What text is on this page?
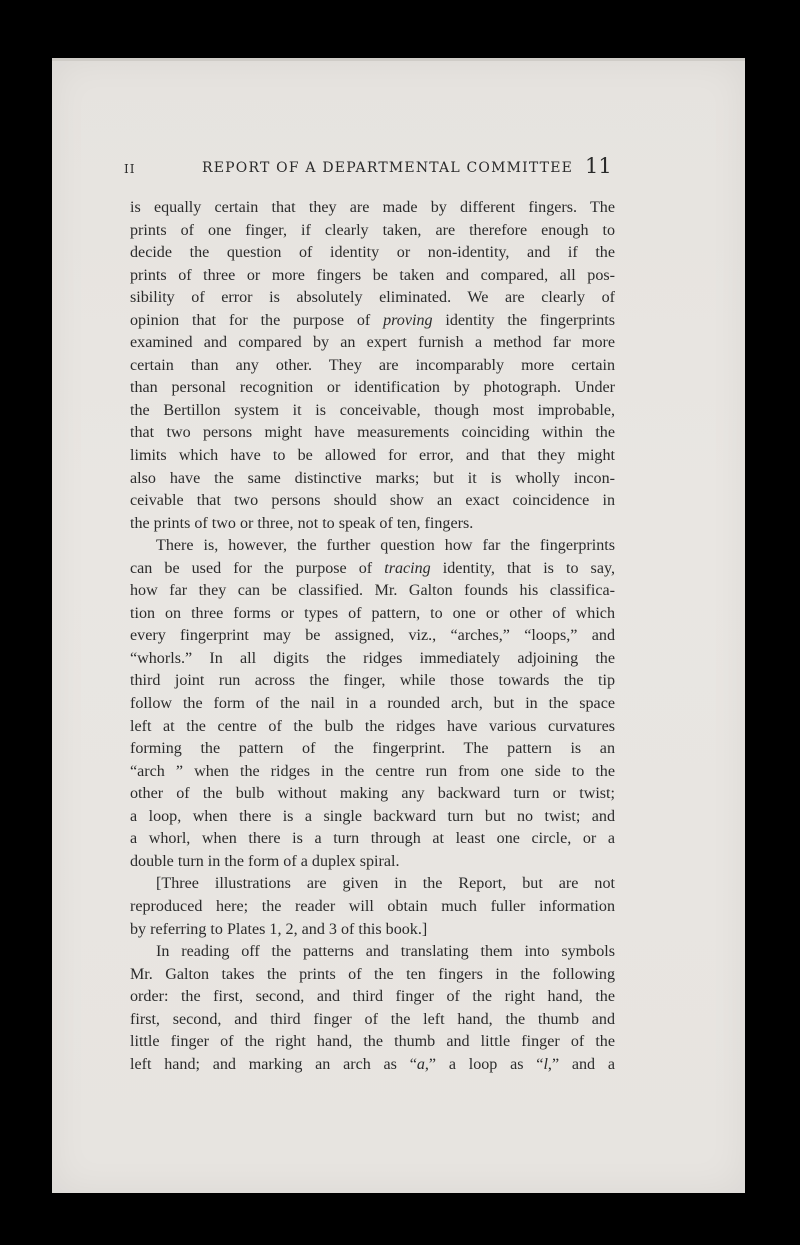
II	REPORT OF A DEPARTMENTAL COMMITTEE 11
is equally certain that they are made by different fingers. The
prints of one finger, if clearly taken, are therefore enough to
decide the question of identity or non-identity, and if the
prints of three or more fingers be taken and compared, all pos-
sibility of error is absolutely eliminated. We are clearly of
opinion that for the purpose of proving identity the fingerprints
examined and compared by an expert furnish a method far more
certain than any other. They are incomparably more certain
than personal recognition or identification by photograph. Under
the Bertillon system it is conceivable, though most improbable,
that two persons might have measurements coinciding within the
limits which have to be allowed for error, and that they might
also have the same distinctive marks; but it is wholly incon-
ceivable that two persons should show an exact coincidence in
the prints of two or three, not to speak of ten, fingers.
There is, however, the further question how far the fingerprints
can be used for the purpose of tracing identity, that is to say,
how far they can be classified. Mr. Galton founds his classifica-
tion on three forms or types of pattern, to one or other of which
every fingerprint may be assigned, viz., “arches,” “loops,” and
“whorls.” In all digits the ridges immediately adjoining the
third joint run across the finger, while those towards the tip
follow the form of the nail in a rounded arch, but in the space
left at the centre of the bulb the ridges have various curvatures
forming the pattern of the fingerprint. The pattern is an
“arch ” when the ridges in the centre run from one side to the
other of the bulb without making any backward turn or twist;
a loop, when there is a single backward turn but no twist; and
a whorl, when there is a turn through at least one circle, or a
double turn in the form of a duplex spiral.
[Three illustrations are given in the Report, but are not
reproduced here; the reader will obtain much fuller information
by referring to Plates 1, 2, and 3 of this book.]
In reading off the patterns and translating them into symbols
Mr. Galton takes the prints of the ten fingers in the following
order: the first, second, and third finger of the right hand, the
first, second, and third finger of the left hand, the thumb and
little finger of the right hand, the thumb and little finger of the
left hand; and marking an arch as “a,” a loop as “l,” and a
